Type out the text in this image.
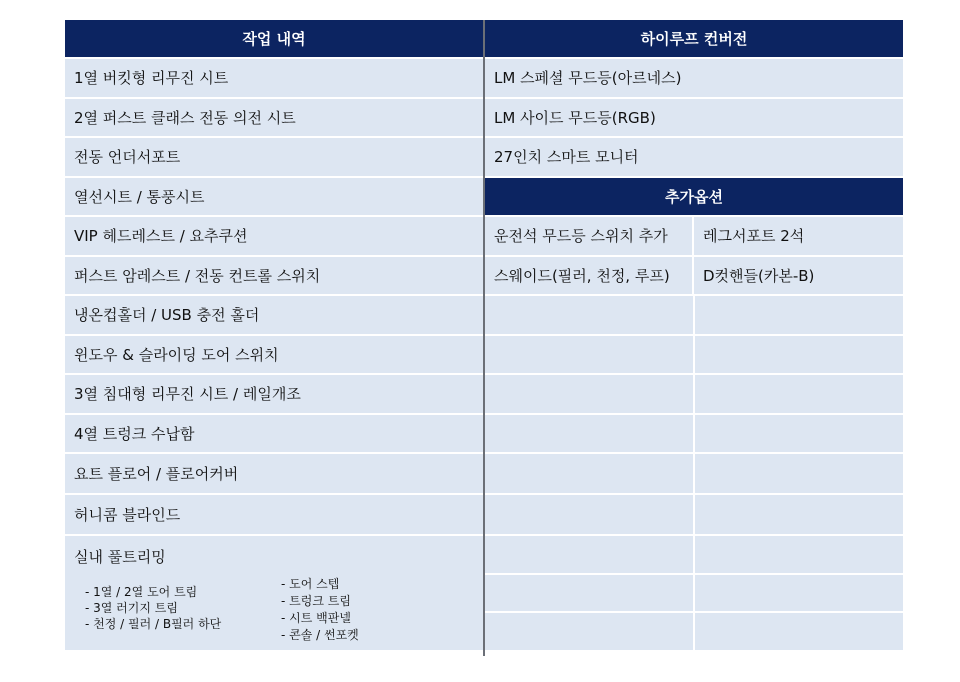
작업 내역
1열 버킷형 리무진 시트
2열 퍼스트 클래스 전동 의전 시트
전동 언더서포트
열선시트 / 통풍시트
VIP 헤드레스트 / 요추쿠션
퍼스트 암레스트 / 전동 컨트롤 스위치
냉온컵홀더 / USB 충전 홀더
윈도우 & 슬라이딩 도어 스위치
3열 침대형 리무진 시트 / 레일개조
4열 트렁크 수납함
요트 플로어 / 플로어커버
허니콤 블라인드
실내 풀트리밍
- 1열 / 2열 도어 트림
- 3열 러기지 트림
- 천정 / 필러 / B필러 하단
- 도어 스텝
- 트렁크 트림
- 시트 백판넬
- 콘솔 / 썬포켓
하이루프 컨버전
LM 스페셜 무드등(아르네스)
LM 사이드 무드등(RGB)
27인치 스마트 모니터
추가옵션
운전석 무드등 스위치 추가	레그서포트 2석
스웨이드(필러, 천정, 루프)	D컷핸들(카본-B)
